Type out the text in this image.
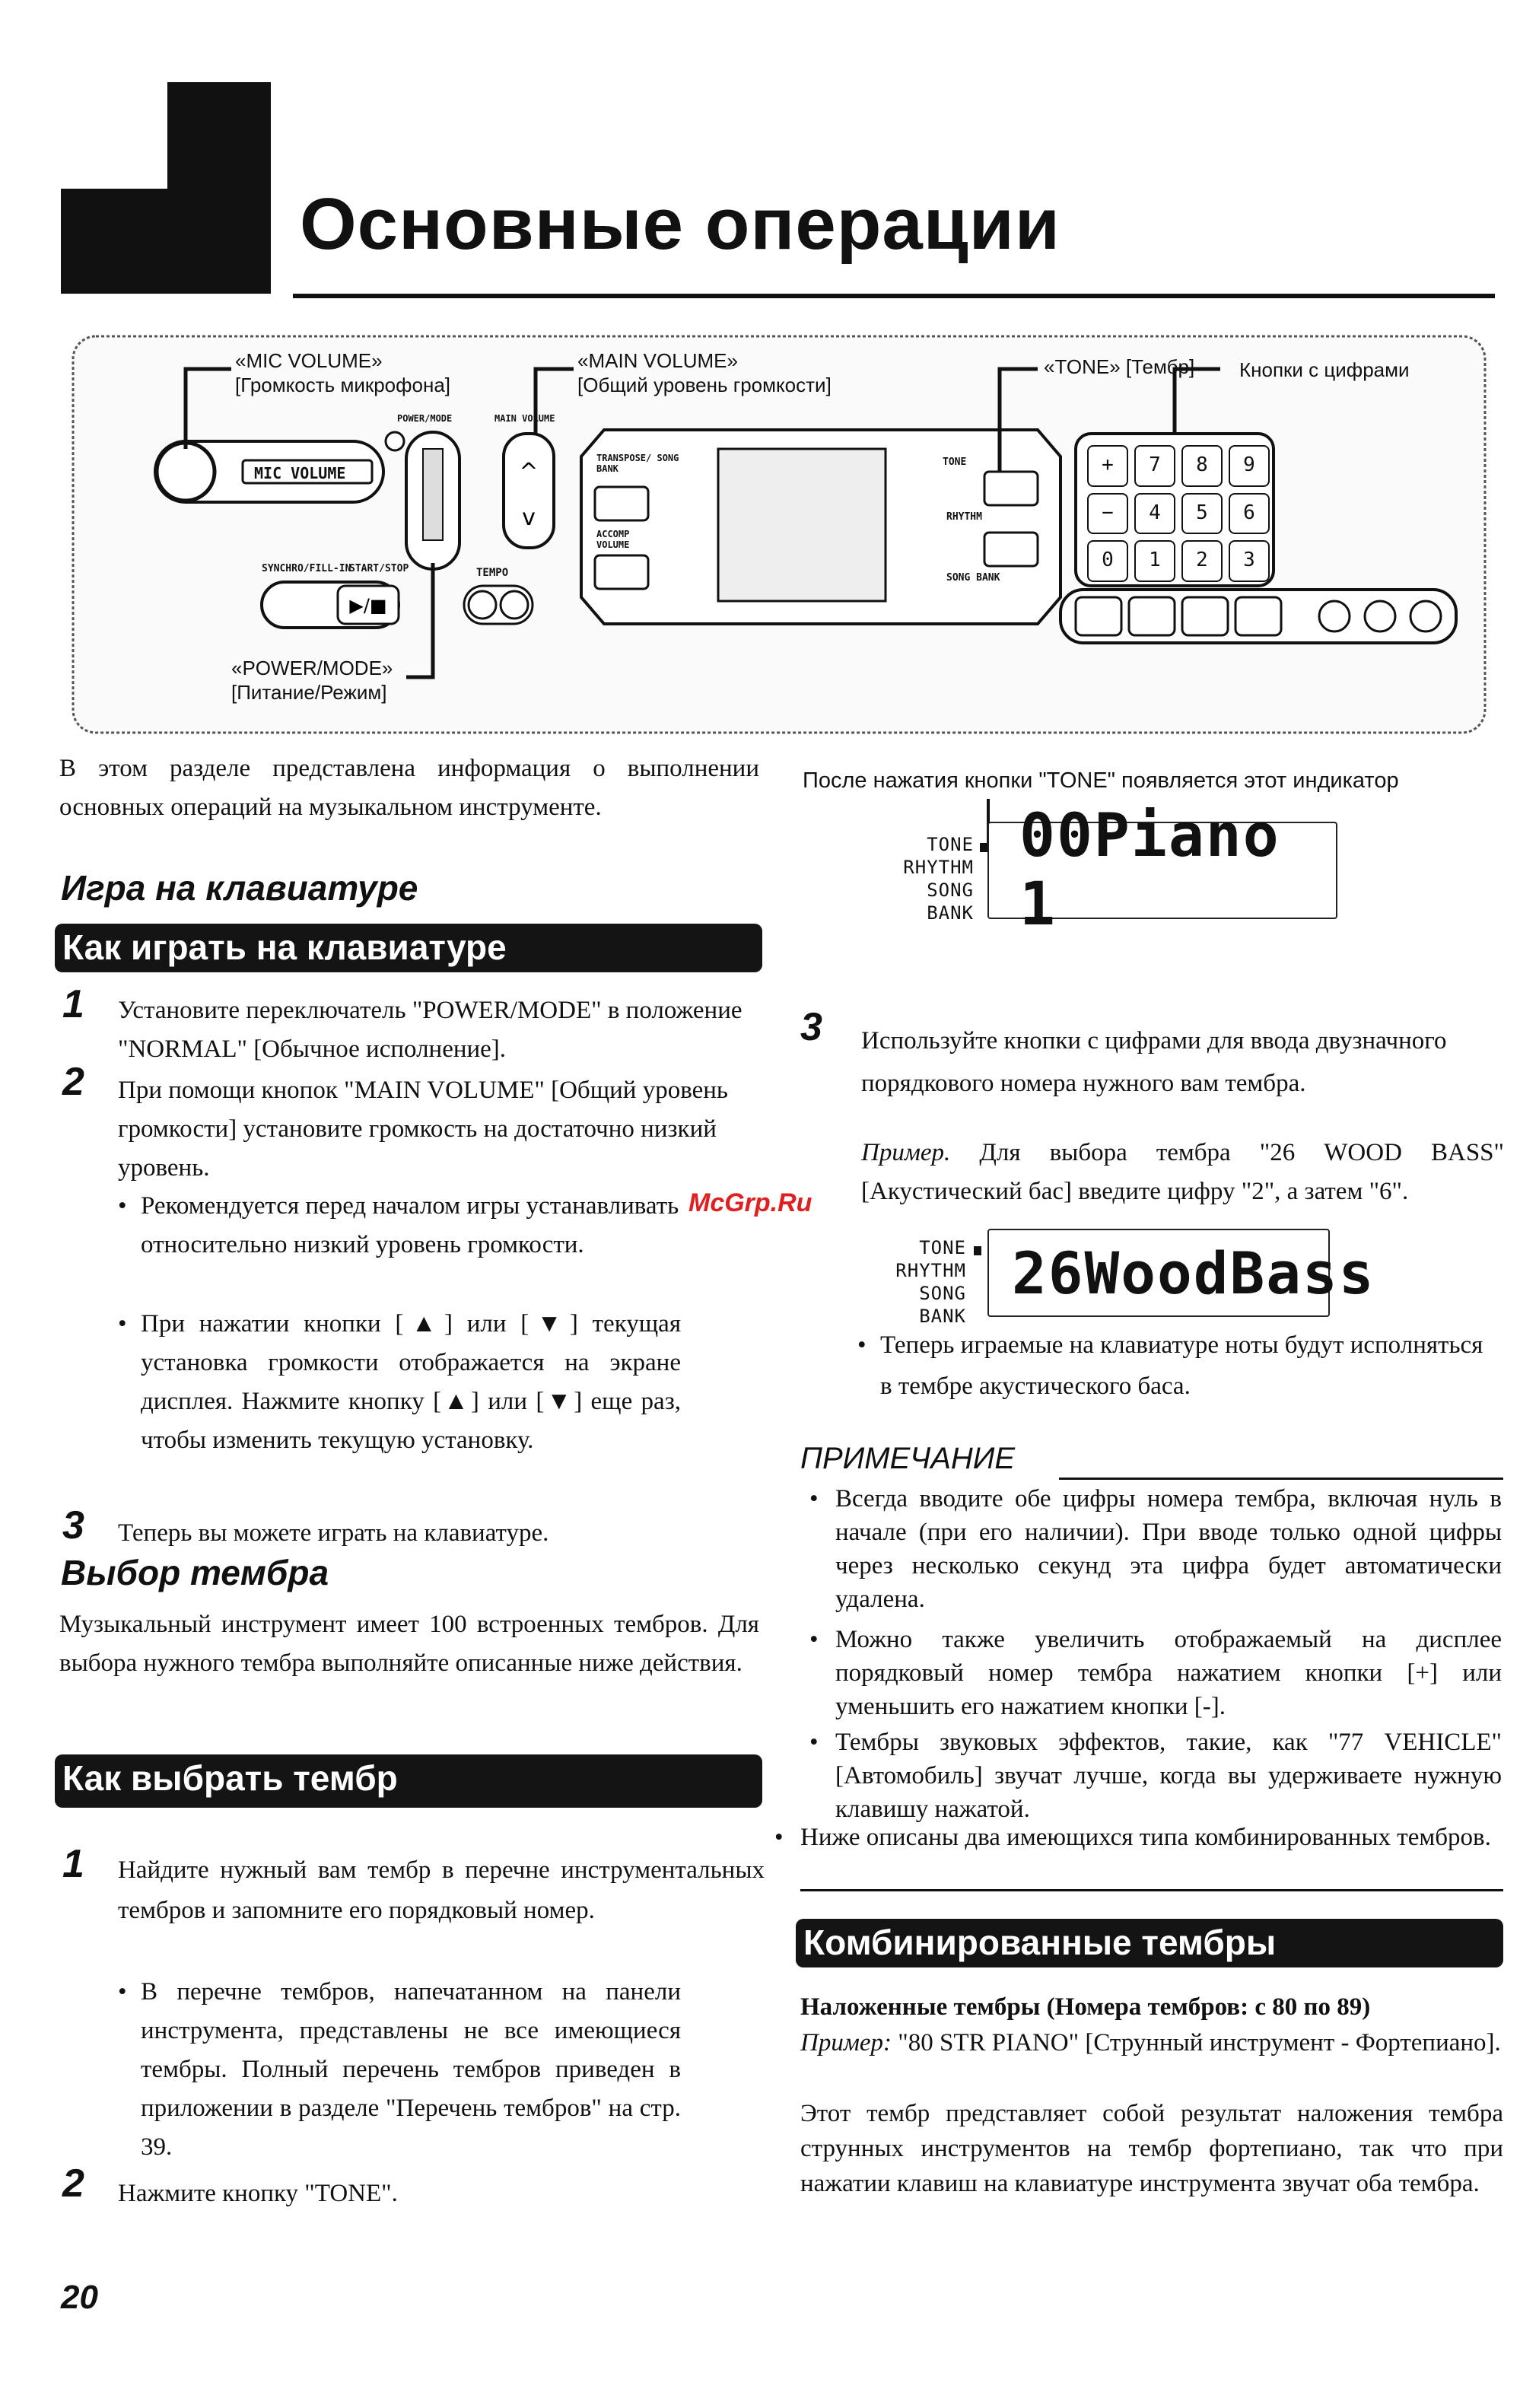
Основные операции
^
v
▶/■
+	7	8	9
−	4	5	6
0	1	2	3
MIC VOLUME
POWER/MODE	MAIN VOLUME
TEMPO
SYNCHRO/FILL-IN
START/STOP
TRANSPOSE/ SONG BANK
ACCOMP VOLUME
TONE
RHYTHM
SONG BANK
«MIC VOLUME»
[Громкость микрофона]
«MAIN VOLUME»
[Общий уровень громкости]
«TONE» [Тембр] Кнопки с цифрами
«POWER/MODE»
[Питание/Режим]
В этом разделе представлена информация о выполнении основных операций на музыкальном инструменте.
Игра на клавиатуре
Как играть на клавиатуре
1 Установите переключатель "POWER/MODE" в положение "NORMAL" [Обычное исполнение].
2 При помощи кнопок "MAIN VOLUME" [Общий уровень громкости] установите громкость на достаточно низкий уровень.
• Рекомендуется перед началом игры устанавливать относительно низкий уровень громкости.
• При нажатии кнопки [▲] или [▼] текущая установка громкости отображается на экране дисплея. Нажмите кнопку [▲] или [▼] еще раз, чтобы изменить текущую установку.
3 Теперь вы можете играть на клавиатуре.
Выбор тембра
Музыкальный инструмент имеет 100 встроенных тембров. Для выбора нужного тембра выполняйте описанные ниже действия.
Как выбрать тембр
1 Найдите нужный вам тембр в перечне инструментальных тембров и запомните его порядковый номер.
• В перечне тембров, напечатанном на панели инструмента, представлены не все имеющиеся тембры. Полный перечень тембров приведен в приложении в разделе "Перечень тембров" на стр. 39.
2 Нажмите кнопку "TONE".
20
После нажатия кнопки "TONE" появляется этот индикатор
TONE
RHYTHM
SONG BANK
00Piano 1
3 Используйте кнопки с цифрами для ввода двузначного порядкового номера нужного вам тембра.
Пример. Для выбора тембра "26 WOOD BASS" [Акустический бас] введите цифру "2", а затем "6".
TONE
RHYTHM
SONG BANK
26WoodBass
• Теперь играемые на клавиатуре ноты будут исполняться в тембре акустического баса.
ПРИМЕЧАНИЕ
• Всегда вводите обе цифры номера тембра, включая нуль в начале (при его наличии). При вводе только одной цифры через несколько секунд эта цифра будет автоматически удалена.
• Можно также увеличить отображаемый на дисплее порядковый номер тембра нажатием кнопки [+] или уменьшить его нажатием кнопки [-].
• Тембры звуковых эффектов, такие, как "77 VEHICLE" [Автомобиль] звучат лучше, когда вы удерживаете нужную клавишу нажатой.
• Ниже описаны два имеющихся типа комбинированных тембров.
Комбинированные тембры
Наложенные тембры (Номера тембров: с 80 по 89)
Пример: "80 STR PIANO" [Струнный инструмент - Фортепиано].
Этот тембр представляет собой результат наложения тембра струнных инструментов на тембр фортепиано, так что при нажатии клавиш на клавиатуре инструмента звучат оба тембра.
McGrp.Ru
